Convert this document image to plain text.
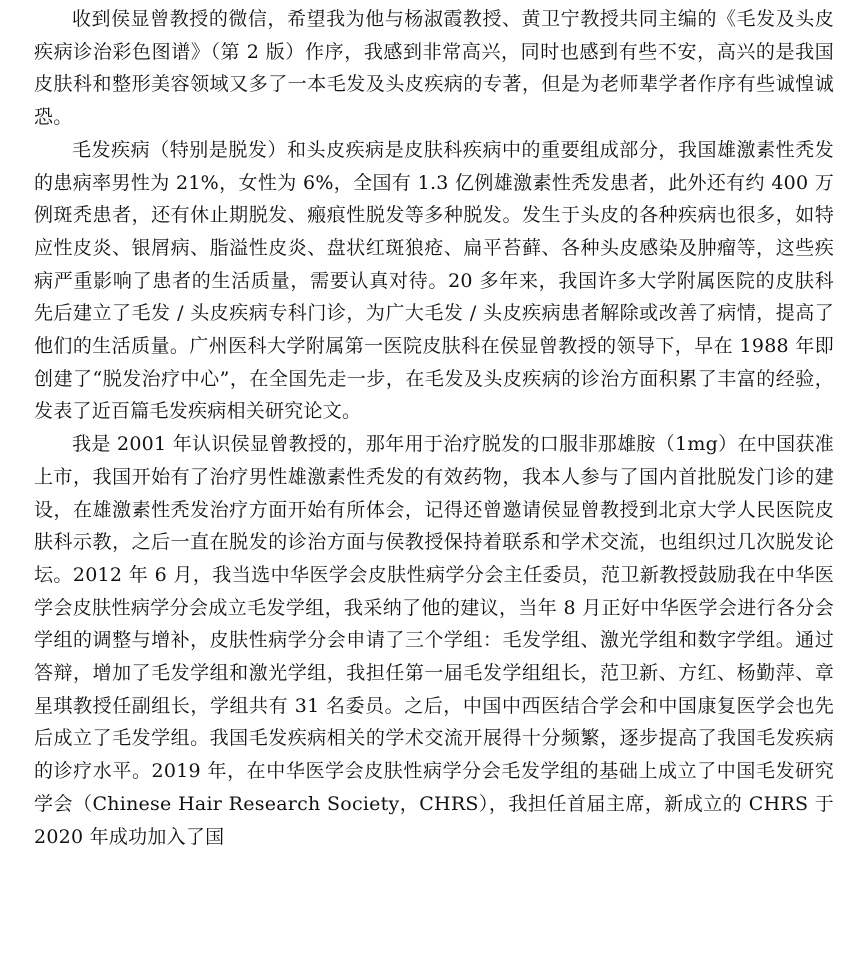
收到侯显曾教授的微信，希望我为他与杨淑霞教授、黄卫宁教授共同主编的《毛发及头皮疾病诊治彩色图谱》（第 2 版）作序，我感到非常高兴，同时也感到有些不安，高兴的是我国皮肤科和整形美容领域又多了一本毛发及头皮疾病的专著，但是为老师辈学者作序有些诚惶诚恐。

毛发疾病（特别是脱发）和头皮疾病是皮肤科疾病中的重要组成部分，我国雄激素性秃发的患病率男性为 21%，女性为 6%，全国有 1.3 亿例雄激素性秃发患者，此外还有约 400 万例斑秃患者，还有休止期脱发、瘢痕性脱发等多种脱发。发生于头皮的各种疾病也很多，如特应性皮炎、银屑病、脂溢性皮炎、盘状红斑狼疮、扁平苔藓、各种头皮感染及肿瘤等，这些疾病严重影响了患者的生活质量，需要认真对待。20 多年来，我国许多大学附属医院的皮肤科先后建立了毛发 / 头皮疾病专科门诊，为广大毛发 / 头皮疾病患者解除或改善了病情，提高了他们的生活质量。广州医科大学附属第一医院皮肤科在侯显曾教授的领导下，早在 1988 年即创建了“脱发治疗中心”，在全国先走一步，在毛发及头皮疾病的诊治方面积累了丰富的经验，发表了近百篇毛发疾病相关研究论文。

我是 2001 年认识侯显曾教授的，那年用于治疗脱发的口服非那雄胺（1mg）在中国获准上市，我国开始有了治疗男性雄激素性秃发的有效药物，我本人参与了国内首批脱发门诊的建设，在雄激素性秃发治疗方面开始有所体会，记得还曾邀请侯显曾教授到北京大学人民医院皮肤科示教，之后一直在脱发的诊治方面与侯教授保持着联系和学术交流，也组织过几次脱发论坛。2012 年 6 月，我当选中华医学会皮肤性病学分会主任委员，范卫新教授鼓励我在中华医学会皮肤性病学分会成立毛发学组，我采纳了他的建议，当年 8 月正好中华医学会进行各分会学组的调整与增补，皮肤性病学分会申请了三个学组：毛发学组、激光学组和数字学组。通过答辩，增加了毛发学组和激光学组，我担任第一届毛发学组组长，范卫新、方红、杨勤萍、章星琪教授任副组长，学组共有 31 名委员。之后，中国中西医结合学会和中国康复医学会也先后成立了毛发学组。我国毛发疾病相关的学术交流开展得十分频繁，逐步提高了我国毛发疾病的诊疗水平。2019 年，在中华医学会皮肤性病学分会毛发学组的基础上成立了中国毛发研究学会（Chinese Hair Research Society，CHRS），我担任首届主席，新成立的 CHRS 于 2020 年成功加入了国
